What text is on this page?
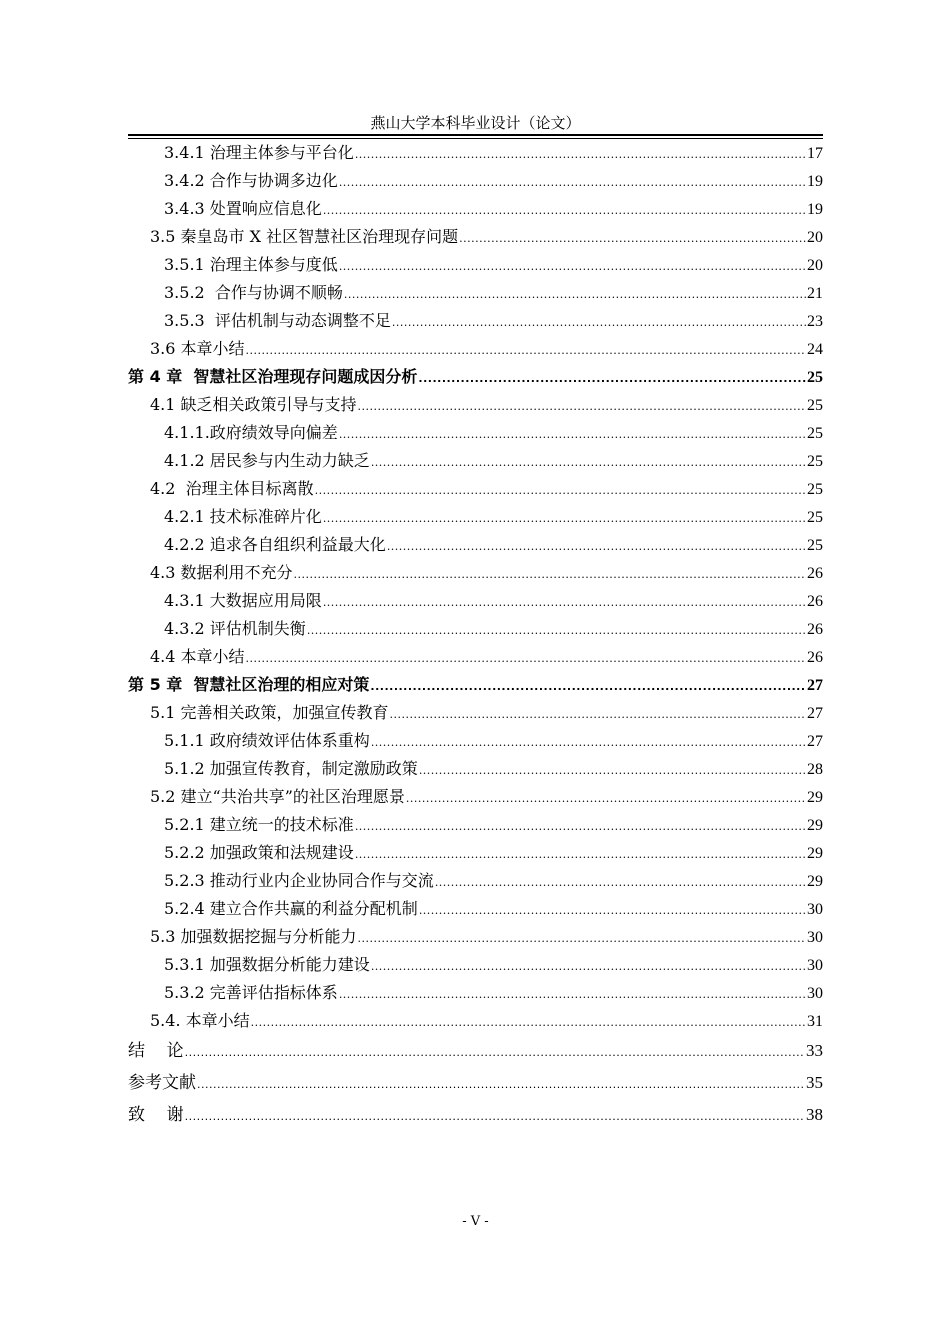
燕山大学本科毕业设计（论文）
3.4.1 治理主体参与平台化 .....	17
3.4.2 合作与协调多边化 .....	19
3.4.3 处置响应信息化 .....	19
3.5 秦皇岛市 X 社区智慧社区治理现存问题 .....	20
3.5.1 治理主体参与度低 .....	20
3.5.2  合作与协调不顺畅 .....	21
3.5.3  评估机制与动态调整不足 .....	23
3.6 本章小结 .....	24
第 4 章  智慧社区治理现存问题成因分析 .....	25
4.1 缺乏相关政策引导与支持 .....	25
4.1.1.政府绩效导向偏差 .....	25
4.1.2 居民参与内生动力缺乏 .....	25
4.2  治理主体目标离散 .....	25
4.2.1 技术标准碎片化 .....	25
4.2.2 追求各自组织利益最大化 .....	25
4.3 数据利用不充分 .....	26
4.3.1 大数据应用局限 .....	26
4.3.2 评估机制失衡 .....	26
4.4 本章小结 .....	26
第 5 章  智慧社区治理的相应对策 .....	27
5.1 完善相关政策，加强宣传教育 .....	27
5.1.1 政府绩效评估体系重构 .....	27
5.1.2 加强宣传教育，制定激励政策 .....	28
5.2 建立“共治共享”的社区治理愿景 .....	29
5.2.1 建立统一的技术标准 .....	29
5.2.2 加强政策和法规建设 .....	29
5.2.3 推动行业内企业协同合作与交流 .....	29
5.2.4 建立合作共赢的利益分配机制 .....	30
5.3 加强数据挖掘与分析能力 .....	30
5.3.1 加强数据分析能力建设 .....	30
5.3.2 完善评估指标体系 .....	30
5.4. 本章小结 .....	31
结    论 .....	33
参考文献 .....	35
致    谢 .....	38
- V -
